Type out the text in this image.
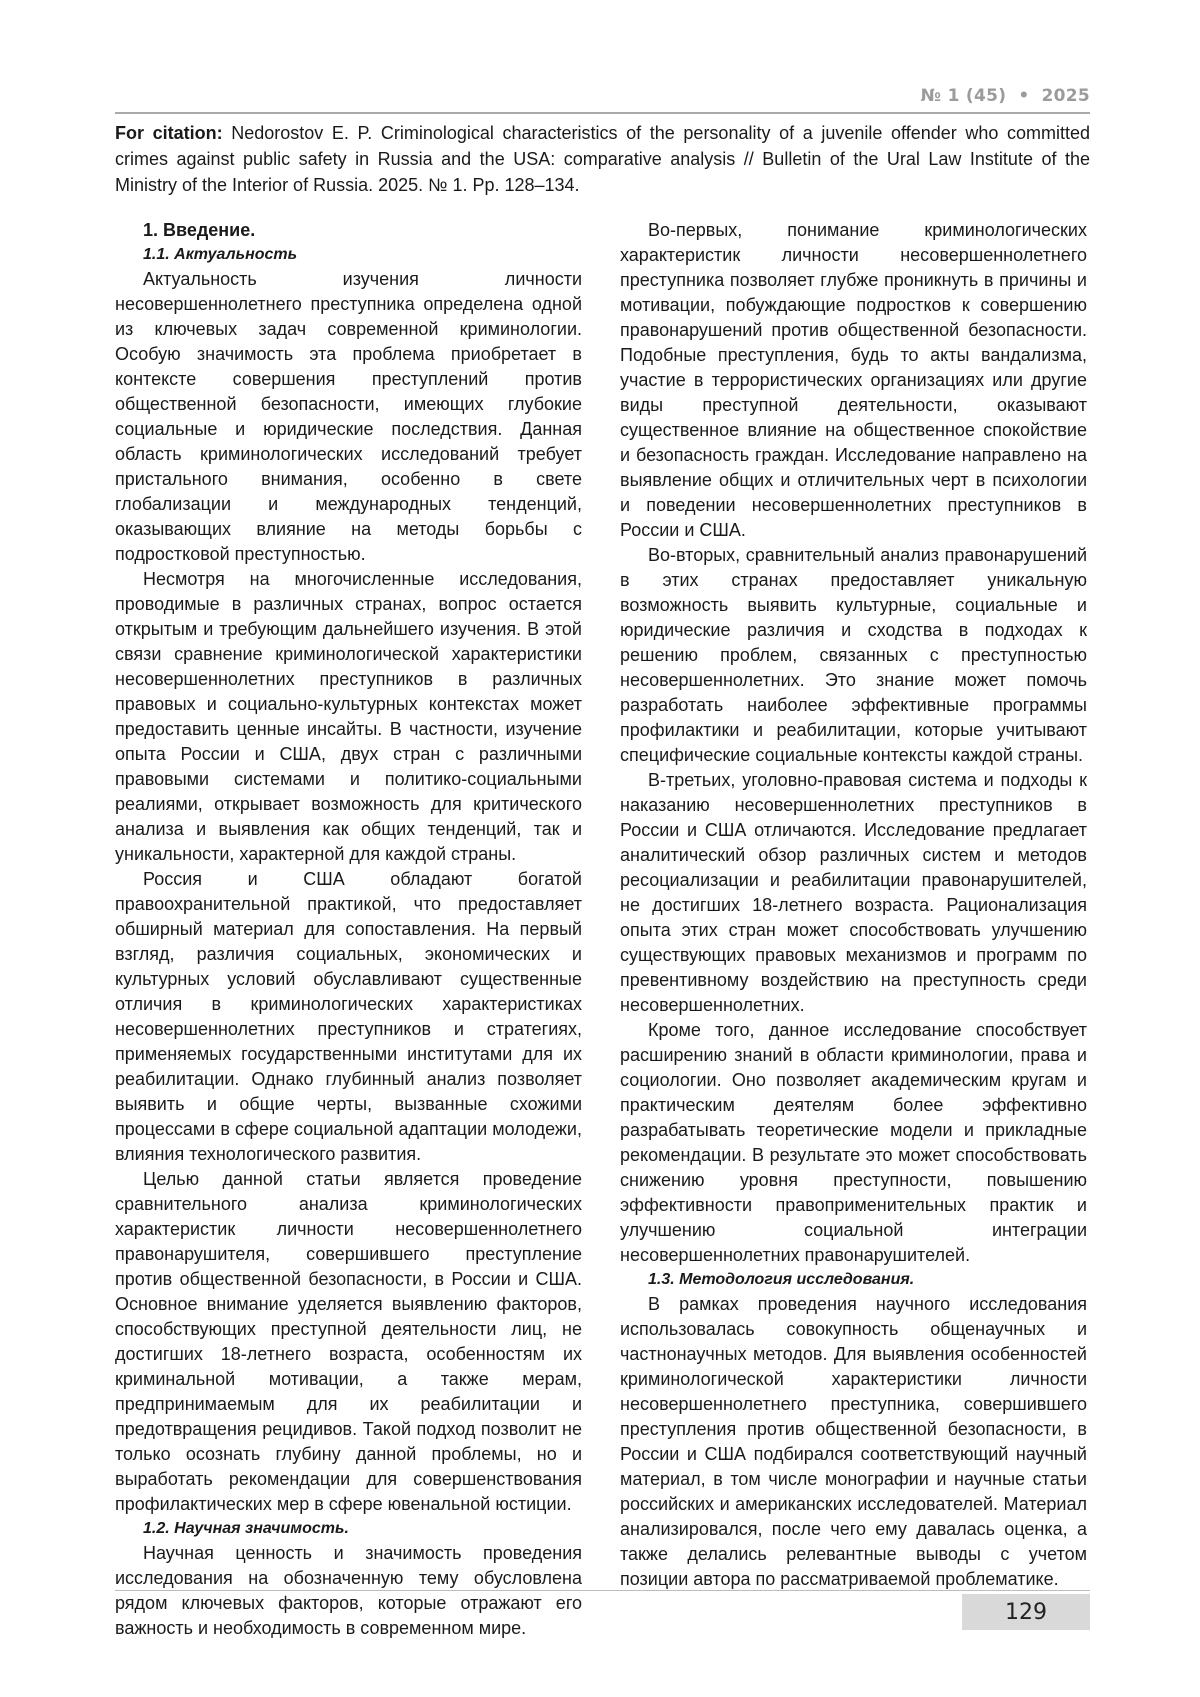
№ 1 (45) • 2025
For citation: Nedorostov E. P. Criminological characteristics of the personality of a juvenile offender who committed crimes against public safety in Russia and the USA: comparative analysis // Bulletin of the Ural Law Institute of the Ministry of the Interior of Russia. 2025. № 1. Pp. 128–134.
1. Введение.
1.1. Актуальность

Актуальность изучения личности несовершеннолетнего преступника определена одной из ключевых задач современной криминологии. Особую значимость эта проблема приобретает в контексте совершения преступлений против общественной безопасности, имеющих глубокие социальные и юридические последствия. Данная область криминологических исследований требует пристального внимания, особенно в свете глобализации и международных тенденций, оказывающих влияние на методы борьбы с подростковой преступностью.

Несмотря на многочисленные исследования, проводимые в различных странах, вопрос остается открытым и требующим дальнейшего изучения. В этой связи сравнение криминологической характеристики несовершеннолетних преступников в различных правовых и социально-культурных контекстах может предоставить ценные инсайты. В частности, изучение опыта России и США, двух стран с различными правовыми системами и политико-социальными реалиями, открывает возможность для критического анализа и выявления как общих тенденций, так и уникальности, характерной для каждой страны.

Россия и США обладают богатой правоохранительной практикой, что предоставляет обширный материал для сопоставления. На первый взгляд, различия социальных, экономических и культурных условий обуславливают существенные отличия в криминологических характеристиках несовершеннолетних преступников и стратегиях, применяемых государственными институтами для их реабилитации. Однако глубинный анализ позволяет выявить и общие черты, вызванные схожими процессами в сфере социальной адаптации молодежи, влияния технологического развития.

Целью данной статьи является проведение сравнительного анализа криминологических характеристик личности несовершеннолетнего правонарушителя, совершившего преступление против общественной безопасности, в России и США. Основное внимание уделяется выявлению факторов, способствующих преступной деятельности лиц, не достигших 18-летнего возраста, особенностям их криминальной мотивации, а также мерам, предпринимаемым для их реабилитации и предотвращения рецидивов. Такой подход позволит не только осознать глубину данной проблемы, но и выработать рекомендации для совершенствования профилактических мер в сфере ювенальной юстиции.

1.2. Научная значимость.

Научная ценность и значимость проведения исследования на обозначенную тему обусловлена рядом ключевых факторов, которые отражают его важность и необходимость в современном мире.

Во-первых, понимание криминологических характеристик личности несовершеннолетнего преступника позволяет глубже проникнуть в причины и мотивации, побуждающие подростков к совершению правонарушений против общественной безопасности. Подобные преступления, будь то акты вандализма, участие в террористических организациях или другие виды преступной деятельности, оказывают существенное влияние на общественное спокойствие и безопасность граждан. Исследование направлено на выявление общих и отличительных черт в психологии и поведении несовершеннолетних преступников в России и США.

Во-вторых, сравнительный анализ правонарушений в этих странах предоставляет уникальную возможность выявить культурные, социальные и юридические различия и сходства в подходах к решению проблем, связанных с преступностью несовершеннолетних. Это знание может помочь разработать наиболее эффективные программы профилактики и реабилитации, которые учитывают специфические социальные контексты каждой страны.

В-третьих, уголовно-правовая система и подходы к наказанию несовершеннолетних преступников в России и США отличаются. Исследование предлагает аналитический обзор различных систем и методов ресоциализации и реабилитации правонарушителей, не достигших 18-летнего возраста. Рационализация опыта этих стран может способствовать улучшению существующих правовых механизмов и программ по превентивному воздействию на преступность среди несовершеннолетних.

Кроме того, данное исследование способствует расширению знаний в области криминологии, права и социологии. Оно позволяет академическим кругам и практическим деятелям более эффективно разрабатывать теоретические модели и прикладные рекомендации. В результате это может способствовать снижению уровня преступности, повышению эффективности правоприменительных практик и улучшению социальной интеграции несовершеннолетних правонарушителей.

1.3. Методология исследования.

В рамках проведения научного исследования использовалась совокупность общенаучных и частнонаучных методов. Для выявления особенностей криминологической характеристики личности несовершеннолетнего преступника, совершившего преступления против общественной безопасности, в России и США подбирался соответствующий научный материал, в том числе монографии и научные статьи российских и американских исследователей. Материал анализировался, после чего ему давалась оценка, а также делались релевантные выводы с учетом позиции автора по рассматриваемой проблематике.

129
